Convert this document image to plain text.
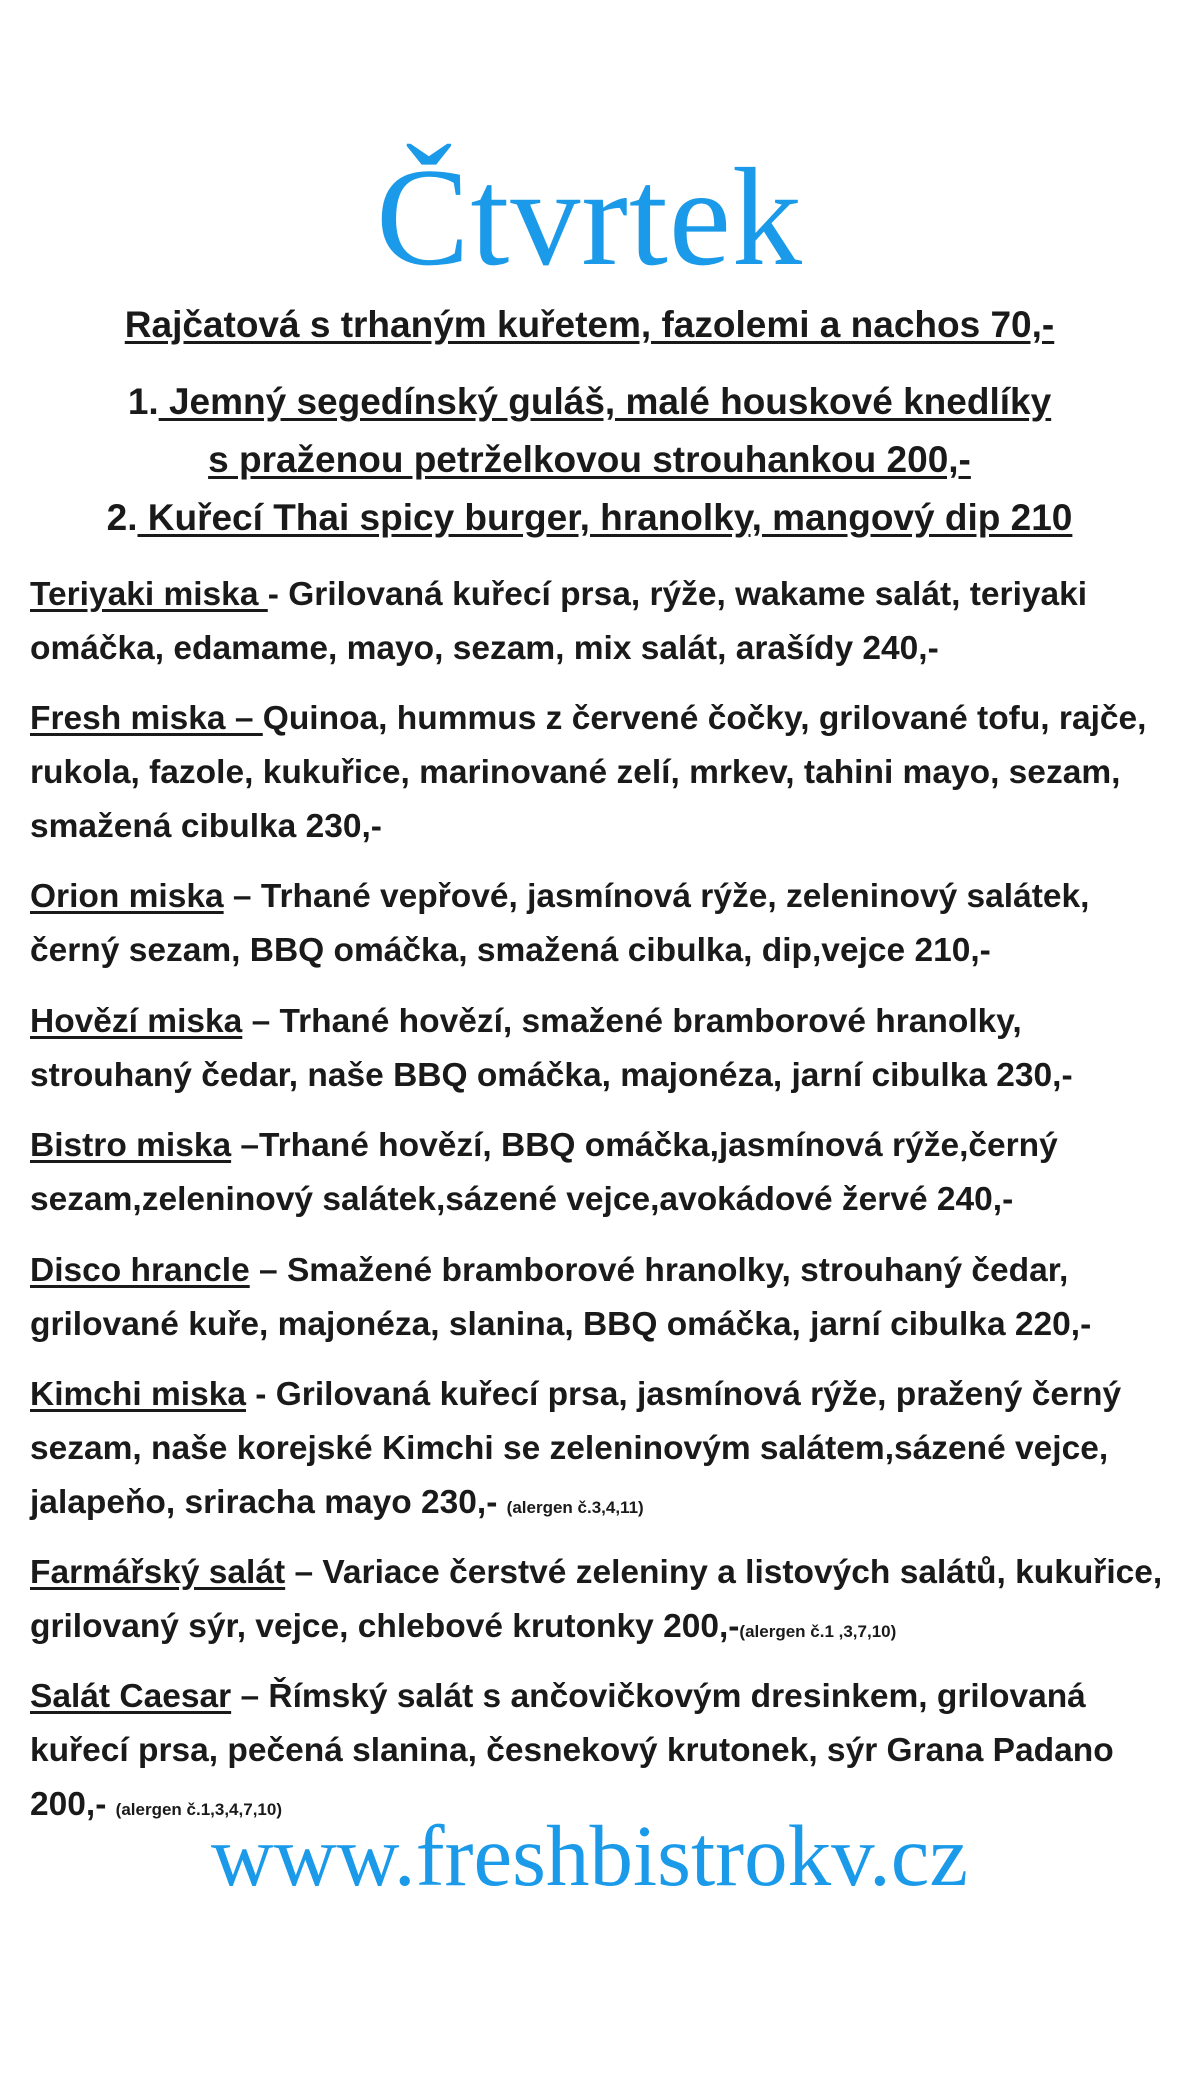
Čtvrtek
Rajčatová s trhaným kuřetem, fazolemi a nachos 70,-
1. Jemný segedínský guláš, malé houskové knedlíky
s praženou petrželkovou strouhankou 200,-
2. Kuřecí Thai spicy burger, hranolky, mangový dip 210
Teriyaki miska - Grilovaná kuřecí prsa, rýže, wakame salát, teriyaki omáčka, edamame, mayo, sezam, mix salát, arašídy 240,-
Fresh miska – Quinoa, hummus z červené čočky, grilované tofu, rajče, rukola, fazole, kukuřice, marinované zelí, mrkev, tahini mayo, sezam, smažená cibulka 230,-
Orion miska – Trhané vepřové, jasmínová rýže, zeleninový salátek, černý sezam, BBQ omáčka, smažená cibulka, dip,vejce 210,-
Hovězí miska – Trhané hovězí, smažené bramborové hranolky, strouhaný čedar, naše BBQ omáčka, majonéza, jarní cibulka 230,-
Bistro miska –Trhané hovězí, BBQ omáčka,jasmínová rýže,černý sezam,zeleninový salátek,sázené vejce,avokádové žervé 240,-
Disco hrancle – Smažené bramborové hranolky, strouhaný čedar, grilované kuře, majonéza, slanina, BBQ omáčka, jarní cibulka 220,-
Kimchi miska - Grilovaná kuřecí prsa, jasmínová rýže, pražený černý sezam, naše korejské Kimchi se zeleninovým salátem,sázené vejce, jalapeňo, sriracha mayo 230,- (alergen č.3,4,11)
Farmářský salát – Variace čerstvé zeleniny a listových salátů, kukuřice, grilovaný sýr, vejce, chlebové krutonky 200,-(alergen č.1 ,3,7,10)
Salát Caesar – Římský salát s ančovičkovým dresinkem, grilovaná kuřecí prsa, pečená slanina, česnekový krutonek, sýr Grana Padano 200,- (alergen č.1,3,4,7,10)
www.freshbistrokv.cz
